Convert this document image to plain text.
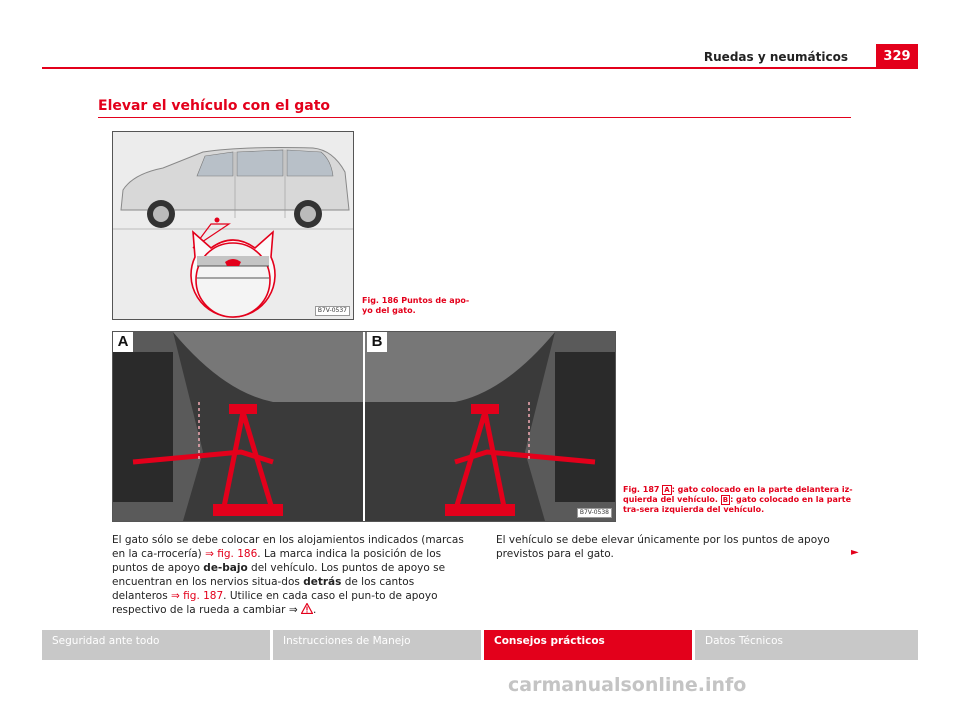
Ruedas y neumáticos	329
Elevar el vehículo con el gato
B7V-0537
Fig. 186 Puntos de apo-yo del gato.
A	B
B7V-0538
Fig. 187 A : gato colocado en la parte delantera iz-quierda del vehículo. B : gato colocado en la parte tra-sera izquierda del vehículo.
El gato sólo se debe colocar en los alojamientos indicados (marcas en la ca-rrocería) ⇒ fig. 186. La marca indica la posición de los puntos de apoyo de-bajo del vehículo. Los puntos de apoyo se encuentran en los nervios situa-dos detrás de los cantos delanteros ⇒ fig. 187. Utilice en cada caso el pun-to de apoyo respectivo de la rueda a cambiar ⇒ .
El vehículo se debe elevar únicamente por los puntos de apoyo previstos para el gato.	►
Seguridad ante todo	Instrucciones de Manejo	Consejos prácticos	Datos Técnicos
carmanualsonline.info
